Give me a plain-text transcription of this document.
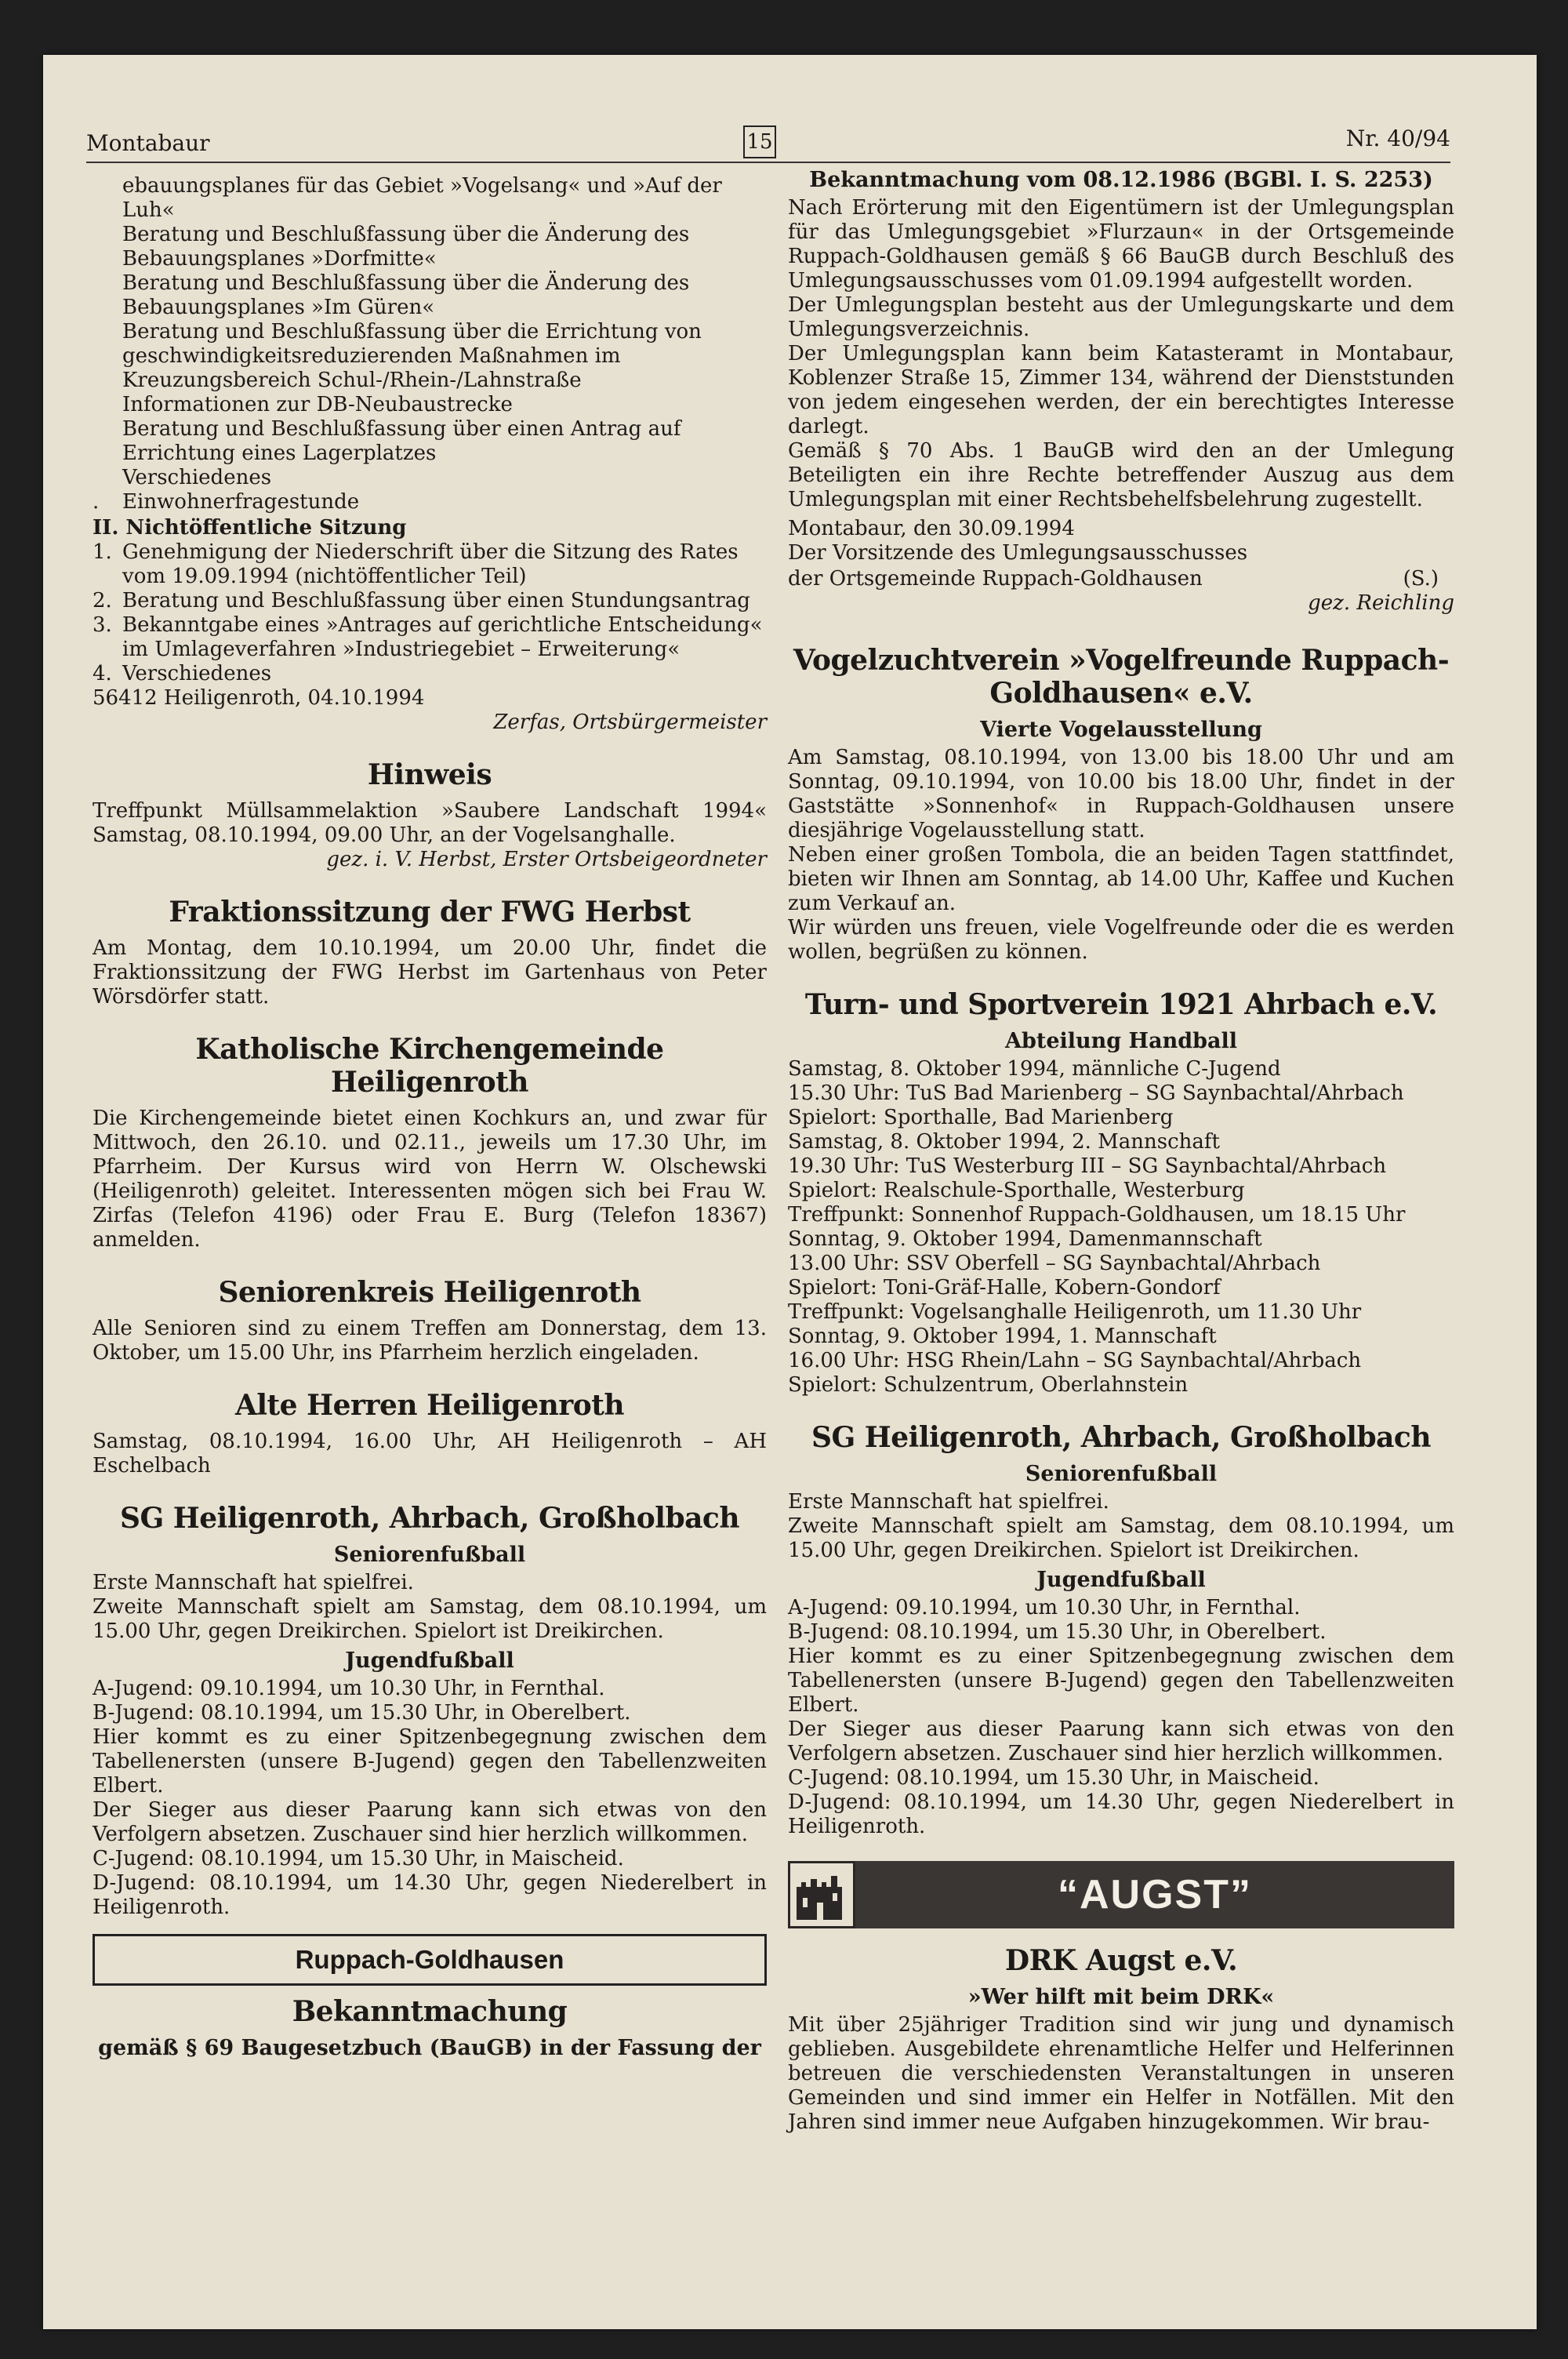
Montabaur	15	Nr. 40/94
ebauungsplanes für das Gebiet »Vogelsang« und »Auf der Luh«
Beratung und Beschlußfassung über die Änderung des Bebauungsplanes »Dorfmitte«
Beratung und Beschlußfassung über die Änderung des Bebauungsplanes »Im Güren«
Beratung und Beschlußfassung über die Errichtung von geschwindigkeitsreduzierenden Maßnahmen im Kreuzungsbereich Schul-/Rhein-/Lahnstraße
Informationen zur DB-Neubaustrecke
Beratung und Beschlußfassung über einen Antrag auf Errichtung eines Lagerplatzes
Verschiedenes
.	Einwohnerfragestunde
II. Nichtöffentliche Sitzung
1. Genehmigung der Niederschrift über die Sitzung des Rates vom 19.09.1994 (nichtöffentlicher Teil)
2. Beratung und Beschlußfassung über einen Stundungsantrag
3. Bekanntgabe eines »Antrages auf gerichtliche Entscheidung« im Umlageverfahren »Industriegebiet – Erweiterung«
4. Verschiedenes
56412 Heiligenroth, 04.10.1994
Zerfas, Ortsbürgermeister
Hinweis

Treffpunkt Müllsammelaktion »Saubere Landschaft 1994« Samstag, 08.10.1994, 09.00 Uhr, an der Vogelsanghalle.

gez. i. V. Herbst, Erster Ortsbeigeordneter
Fraktionssitzung der FWG Herbst

Am Montag, dem 10.10.1994, um 20.00 Uhr, findet die Fraktionssitzung der FWG Herbst im Gartenhaus von Peter Wörsdörfer statt.

Katholische Kirchengemeinde Heiligenroth

Die Kirchengemeinde bietet einen Kochkurs an, und zwar für Mittwoch, den 26.10. und 02.11., jeweils um 17.30 Uhr, im Pfarrheim. Der Kursus wird von Herrn W. Olschewski (Heiligenroth) geleitet. Interessenten mögen sich bei Frau W. Zirfas (Telefon 4196) oder Frau E. Burg (Telefon 18367) anmelden.

Seniorenkreis Heiligenroth

Alle Senioren sind zu einem Treffen am Donnerstag, dem 13. Oktober, um 15.00 Uhr, ins Pfarrheim herzlich eingeladen.

Alte Herren Heiligenroth

Samstag, 08.10.1994, 16.00 Uhr, AH Heiligenroth – AH Eschelbach

SG Heiligenroth, Ahrbach, Großholbach
Seniorenfußball

Erste Mannschaft hat spielfrei.

Zweite Mannschaft spielt am Samstag, dem 08.10.1994, um 15.00 Uhr, gegen Dreikirchen. Spielort ist Dreikirchen.

Jugendfußball

A-Jugend: 09.10.1994, um 10.30 Uhr, in Fernthal.

B-Jugend: 08.10.1994, um 15.30 Uhr, in Oberelbert.

Hier kommt es zu einer Spitzenbegegnung zwischen dem Tabellenersten (unsere B-Jugend) gegen den Tabellenzweiten Elbert.

Der Sieger aus dieser Paarung kann sich etwas von den Verfolgern absetzen. Zuschauer sind hier herzlich willkommen.

C-Jugend: 08.10.1994, um 15.30 Uhr, in Maischeid.

D-Jugend: 08.10.1994, um 14.30 Uhr, gegen Niederelbert in Heiligenroth.

Ruppach-Goldhausen
Bekanntmachung
gemäß § 69 Baugesetzbuch (BauGB) in der Fassung der
Bekanntmachung vom 08.12.1986 (BGBl. I. S. 2253)

Nach Erörterung mit den Eigentümern ist der Umlegungsplan für das Umlegungsgebiet »Flurzaun« in der Ortsgemeinde Ruppach-Goldhausen gemäß § 66 BauGB durch Beschluß des Umlegungsausschusses vom 01.09.1994 aufgestellt worden.

Der Umlegungsplan besteht aus der Umlegungskarte und dem Umlegungsverzeichnis.

Der Umlegungsplan kann beim Katasteramt in Montabaur, Koblenzer Straße 15, Zimmer 134, während der Dienststunden von jedem eingesehen werden, der ein berechtigtes Interesse darlegt.

Gemäß § 70 Abs. 1 BauGB wird den an der Umlegung Beteiligten ein ihre Rechte betreffender Auszug aus dem Umlegungsplan mit einer Rechtsbehelfsbelehrung zugestellt.

Montabaur, den 30.09.1994
Der Vorsitzende des Umlegungsausschusses
der Ortsgemeinde Ruppach-Goldhausen	(S.)
gez. Reichling
Vogelzuchtverein »Vogelfreunde Ruppach-Goldhausen« e.V.
Vierte Vogelausstellung

Am Samstag, 08.10.1994, von 13.00 bis 18.00 Uhr und am Sonntag, 09.10.1994, von 10.00 bis 18.00 Uhr, findet in der Gaststätte »Sonnenhof« in Ruppach-Goldhausen unsere diesjährige Vogelausstellung statt.

Neben einer großen Tombola, die an beiden Tagen stattfindet, bieten wir Ihnen am Sonntag, ab 14.00 Uhr, Kaffee und Kuchen zum Verkauf an.

Wir würden uns freuen, viele Vogelfreunde oder die es werden wollen, begrüßen zu können.

Turn- und Sportverein 1921 Ahrbach e.V.
Abteilung Handball
Samstag, 8. Oktober 1994, männliche C-Jugend
15.30 Uhr: TuS Bad Marienberg – SG Saynbachtal/Ahrbach
Spielort: Sporthalle, Bad Marienberg
Samstag, 8. Oktober 1994, 2. Mannschaft
19.30 Uhr: TuS Westerburg III – SG Saynbachtal/Ahrbach
Spielort: Realschule-Sporthalle, Westerburg
Treffpunkt: Sonnenhof Ruppach-Goldhausen, um 18.15 Uhr
Sonntag, 9. Oktober 1994, Damenmannschaft
13.00 Uhr: SSV Oberfell – SG Saynbachtal/Ahrbach
Spielort: Toni-Gräf-Halle, Kobern-Gondorf
Treffpunkt: Vogelsanghalle Heiligenroth, um 11.30 Uhr
Sonntag, 9. Oktober 1994, 1. Mannschaft
16.00 Uhr: HSG Rhein/Lahn – SG Saynbachtal/Ahrbach
Spielort: Schulzentrum, Oberlahnstein
SG Heiligenroth, Ahrbach, Großholbach
Seniorenfußball

Erste Mannschaft hat spielfrei.

Zweite Mannschaft spielt am Samstag, dem 08.10.1994, um 15.00 Uhr, gegen Dreikirchen. Spielort ist Dreikirchen.

Jugendfußball

A-Jugend: 09.10.1994, um 10.30 Uhr, in Fernthal.

B-Jugend: 08.10.1994, um 15.30 Uhr, in Oberelbert.

Hier kommt es zu einer Spitzenbegegnung zwischen dem Tabellenersten (unsere B-Jugend) gegen den Tabellenzweiten Elbert.

Der Sieger aus dieser Paarung kann sich etwas von den Verfolgern absetzen. Zuschauer sind hier herzlich willkommen.

C-Jugend: 08.10.1994, um 15.30 Uhr, in Maischeid.

D-Jugend: 08.10.1994, um 14.30 Uhr, gegen Niederelbert in Heiligenroth.

“AUGST”
DRK Augst e.V.
»Wer hilft mit beim DRK«

Mit über 25jähriger Tradition sind wir jung und dynamisch geblieben. Ausgebildete ehrenamtliche Helfer und Helferinnen betreuen die verschiedensten Veranstaltungen in unseren Gemeinden und sind immer ein Helfer in Notfällen. Mit den Jahren sind immer neue Aufgaben hinzugekommen. Wir brau-
